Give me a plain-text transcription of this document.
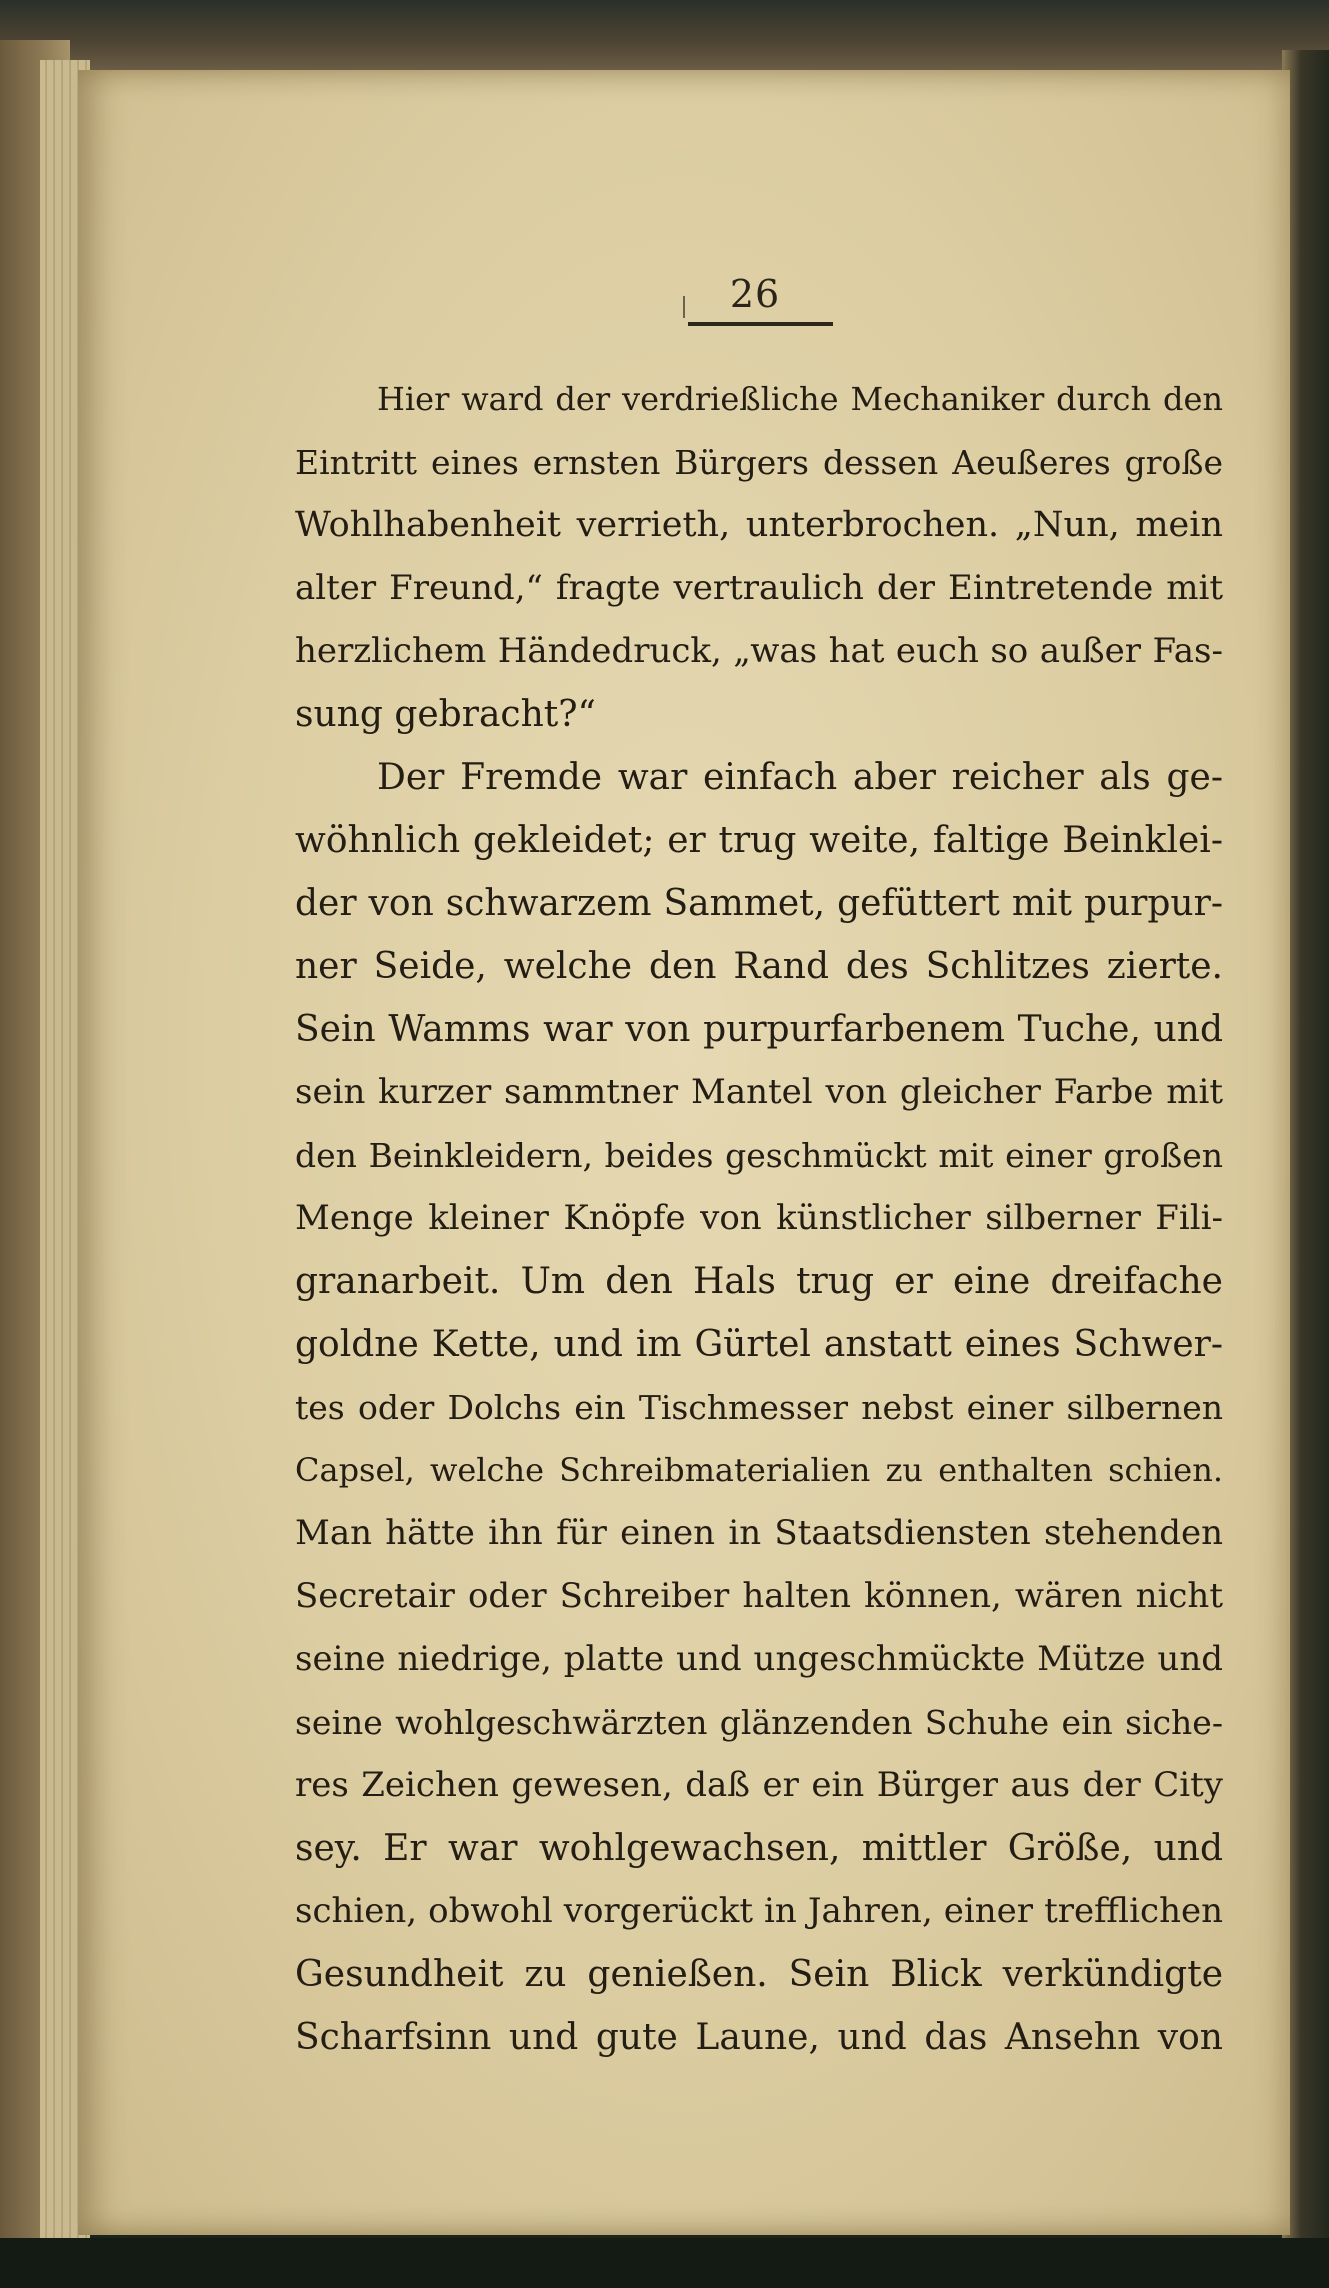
26
Hier ward der verdrießliche Mechaniker durch den
Eintritt eines ernsten Bürgers dessen Aeußeres große
Wohlhabenheit verrieth, unterbrochen. „Nun, mein
alter Freund,“ fragte vertraulich der Eintretende mit
herzlichem Händedruck, „was hat euch so außer Fas-
sung gebracht?“
Der Fremde war einfach aber reicher als ge-
wöhnlich gekleidet; er trug weite, faltige Beinklei-
der von schwarzem Sammet, gefüttert mit purpur-
ner Seide, welche den Rand des Schlitzes zierte.
Sein Wamms war von purpurfarbenem Tuche, und
sein kurzer sammtner Mantel von gleicher Farbe mit
den Beinkleidern, beides geschmückt mit einer großen
Menge kleiner Knöpfe von künstlicher silberner Fili-
granarbeit. Um den Hals trug er eine dreifache
goldne Kette, und im Gürtel anstatt eines Schwer-
tes oder Dolchs ein Tischmesser nebst einer silbernen
Capsel, welche Schreibmaterialien zu enthalten schien.
Man hätte ihn für einen in Staatsdiensten stehenden
Secretair oder Schreiber halten können, wären nicht
seine niedrige, platte und ungeschmückte Mütze und
seine wohlgeschwärzten glänzenden Schuhe ein siche-
res Zeichen gewesen, daß er ein Bürger aus der City
sey. Er war wohlgewachsen, mittler Größe, und
schien, obwohl vorgerückt in Jahren, einer trefflichen
Gesundheit zu genießen. Sein Blick verkündigte
Scharfsinn und gute Laune, und das Ansehn von
